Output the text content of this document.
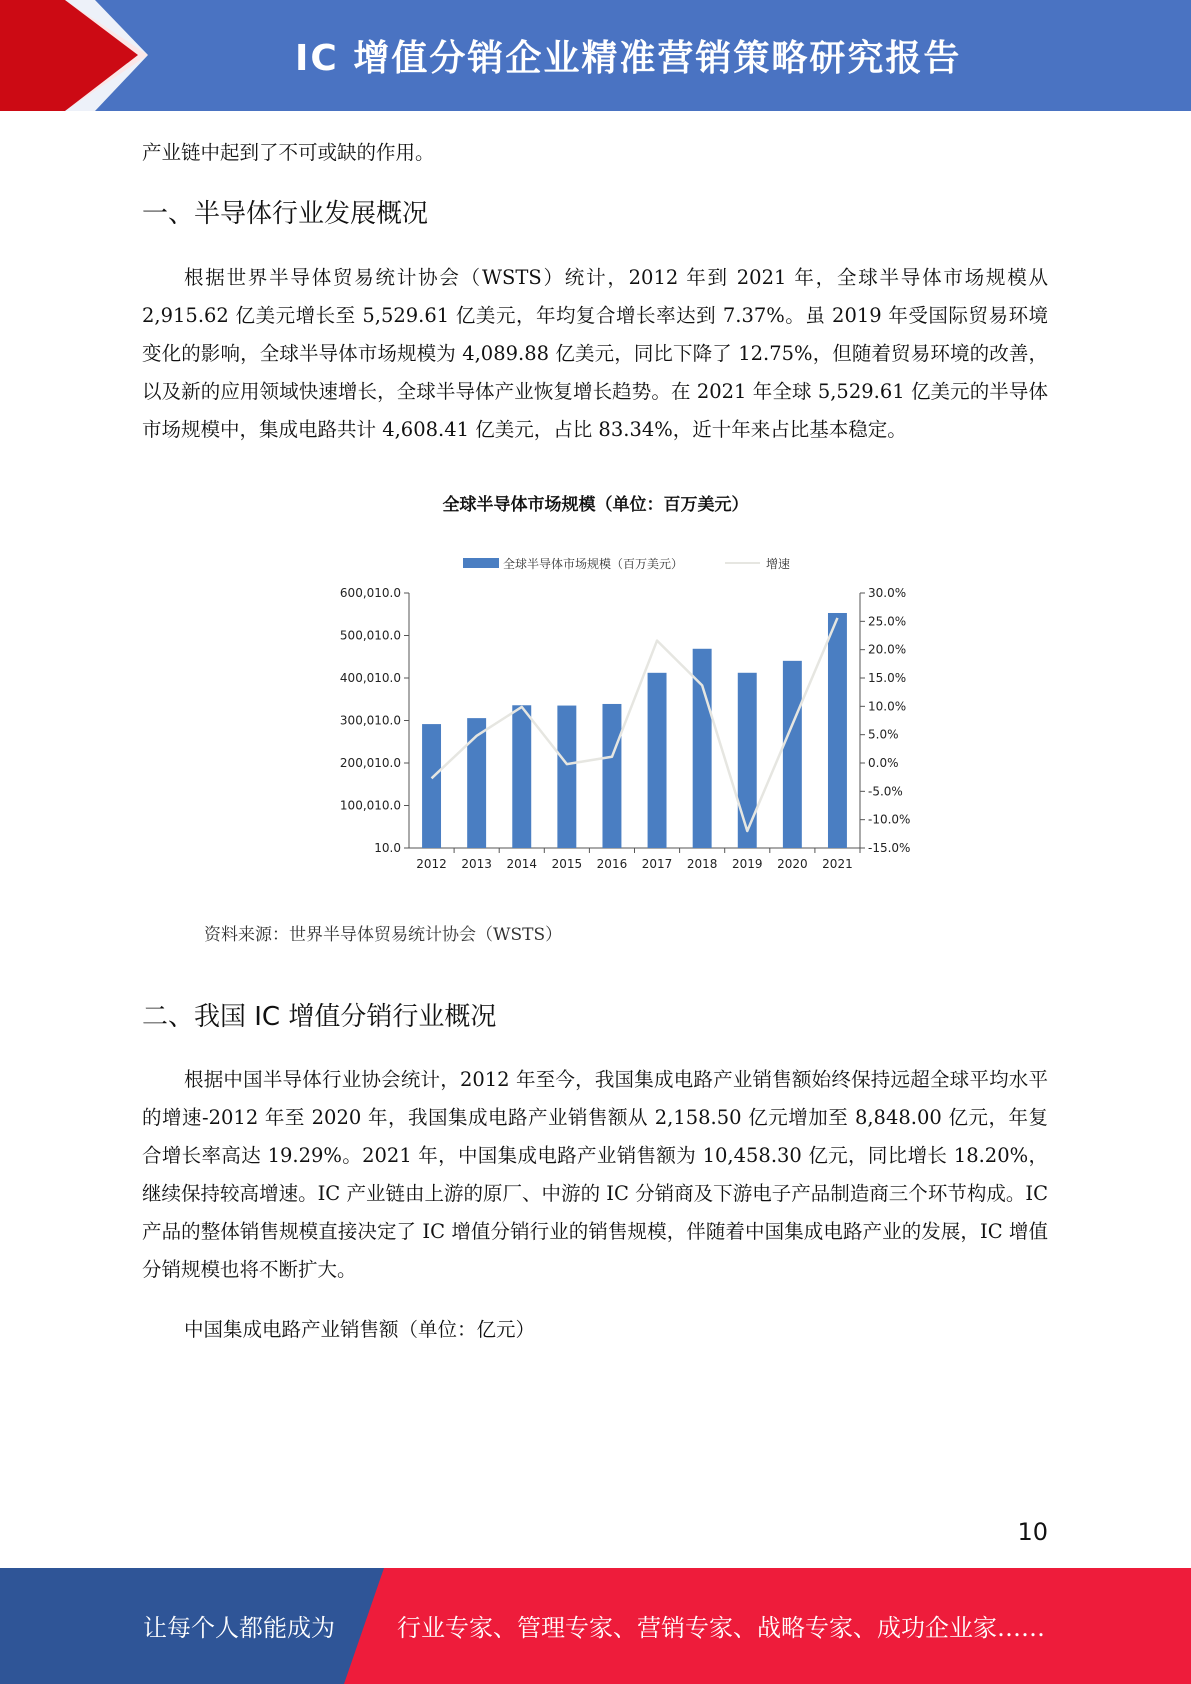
IC 增值分销企业精准营销策略研究报告

产业链中起到了不可或缺的作用。

一、半导体行业发展概况

根据世界半导体贸易统计协会（WSTS）统计，2012 年到 2021 年，全球半导体市场规模从 2,915.62 亿美元增长至 5,529.61 亿美元，年均复合增长率达到 7.37%。虽 2019 年受国际贸易环境变化的影响，全球半导体市场规模为 4,089.88 亿美元，同比下降了 12.75%，但随着贸易环境的改善，以及新的应用领域快速增长，全球半导体产业恢复增长趋势。在 2021 年全球 5,529.61 亿美元的半导体市场规模中，集成电路共计 4,608.41 亿美元，占比 83.34%，近十年来占比基本稳定。

全球半导体市场规模（单位：百万美元）
全球半导体市场规模（百万美元）	增速
10.0
100,010.0
200,010.0
300,010.0
400,010.0
500,010.0
600,010.0
-15.0%
-10.0%
-5.0%
0.0%
5.0%
10.0%
15.0%
20.0%
25.0%
30.0%
2012 2013 2014 2015 2016 2017 2018 2019 2020 2021

资料来源：世界半导体贸易统计协会（WSTS）

二、我国 IC 增值分销行业概况

根据中国半导体行业协会统计，2012 年至今，我国集成电路产业销售额始终保持远超全球平均水平的增速-2012 年至 2020 年，我国集成电路产业销售额从 2,158.50 亿元增加至 8,848.00 亿元，年复合增长率高达 19.29%。2021 年，中国集成电路产业销售额为 10,458.30 亿元，同比增长 18.20%，继续保持较高增速。IC 产业链由上游的原厂、中游的 IC 分销商及下游电子产品制造商三个环节构成。IC 产品的整体销售规模直接决定了 IC 增值分销行业的销售规模，伴随着中国集成电路产业的发展，IC 增值分销规模也将不断扩大。

中国集成电路产业销售额（单位：亿元）

10

让每个人都能成为	行业专家、管理专家、营销专家、战略专家、成功企业家……
